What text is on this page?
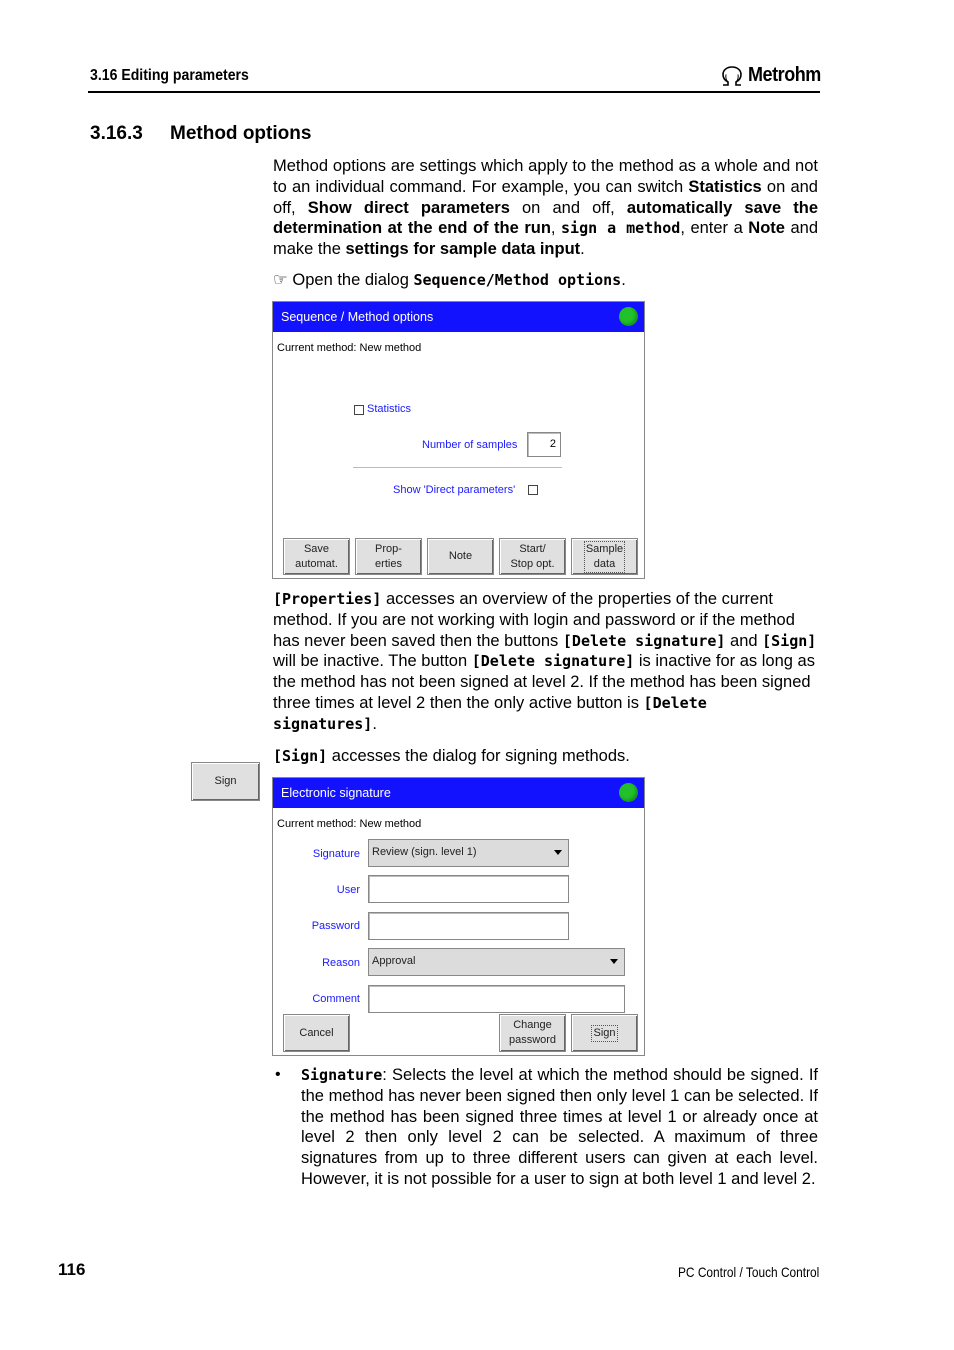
3.16 Editing parameters	Metrohm
3.16.3 Method options
Method options are settings which apply to the method as a whole and not to an individual command. For example, you can switch Statistics on and off, Show direct parameters on and off, automatically save the determination at the end of the run, sign a method, enter a Note and make the settings for sample data input.
☞ Open the dialog Sequence/Method options.
Sequence / Method options
Current method: New method
Statistics
Number of samples	2
Show 'Direct parameters'
Save
automat.
Prop-
erties
Note
Start/
Stop opt.
Sample
data
[Properties] accesses an overview of the properties of the current method. If you are not working with login and password or if the method has never been saved then the buttons [Delete signature] and [Sign] will be inactive. The button [Delete signature] is inactive for as long as the method has not been signed at level 2. If the method has been signed three times at level 2 then the only active button is [Delete signatures].
[Sign] accesses the dialog for signing methods.
Sign
Electronic signature
Current method: New method
Signature	Review (sign. level 1)
User
Password
Reason	Approval
Comment
Cancel
Change
password
Sign
• Signature: Selects the level at which the method should be signed. If the method has never been signed then only level 1 can be selected. If the method has been signed three times at level 1 or already once at level 2 then only level 2 can be selected. A maximum of three signatures from up to three different users can given at each level. However, it is not possible for a user to sign at both level 1 and level 2.
116	PC Control / Touch Control
